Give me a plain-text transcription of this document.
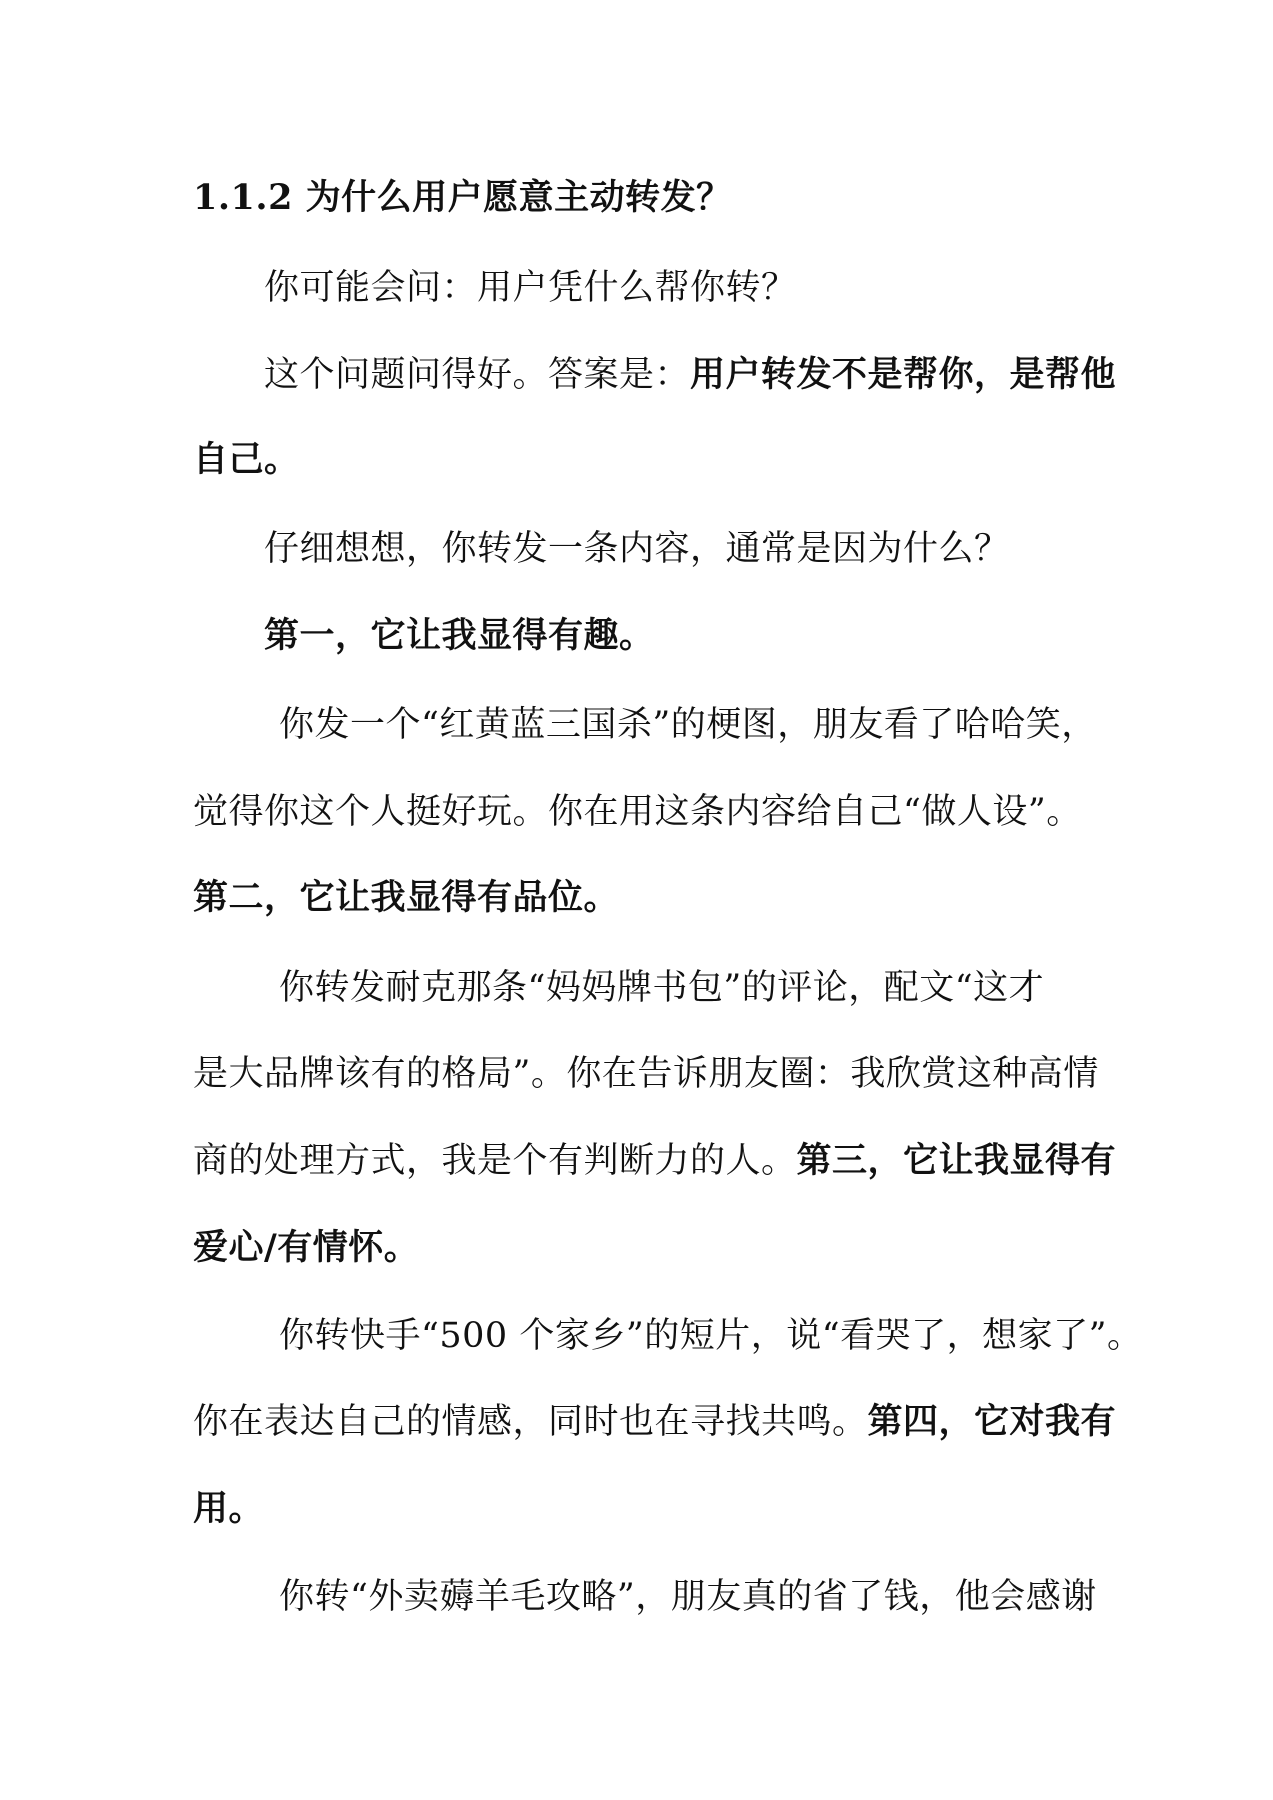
1.1.2 为什么用户愿意主动转发？
你可能会问：用户凭什么帮你转？
这个问题问得好。答案是：用户转发不是帮你，是帮他
自己。
仔细想想，你转发一条内容，通常是因为什么？
第一，它让我显得有趣。
你发一个“红黄蓝三国杀”的梗图，朋友看了哈哈笑，
觉得你这个人挺好玩。你在用这条内容给自己“做人设”。
第二，它让我显得有品位。
你转发耐克那条“妈妈牌书包”的评论，配文“这才
是大品牌该有的格局”。你在告诉朋友圈：我欣赏这种高情
商的处理方式，我是个有判断力的人。第三，它让我显得有
爱心/有情怀。
你转快手“500 个家乡”的短片，说“看哭了，想家了”。
你在表达自己的情感，同时也在寻找共鸣。第四，它对我有
用。
你转“外卖薅羊毛攻略”，朋友真的省了钱，他会感谢
